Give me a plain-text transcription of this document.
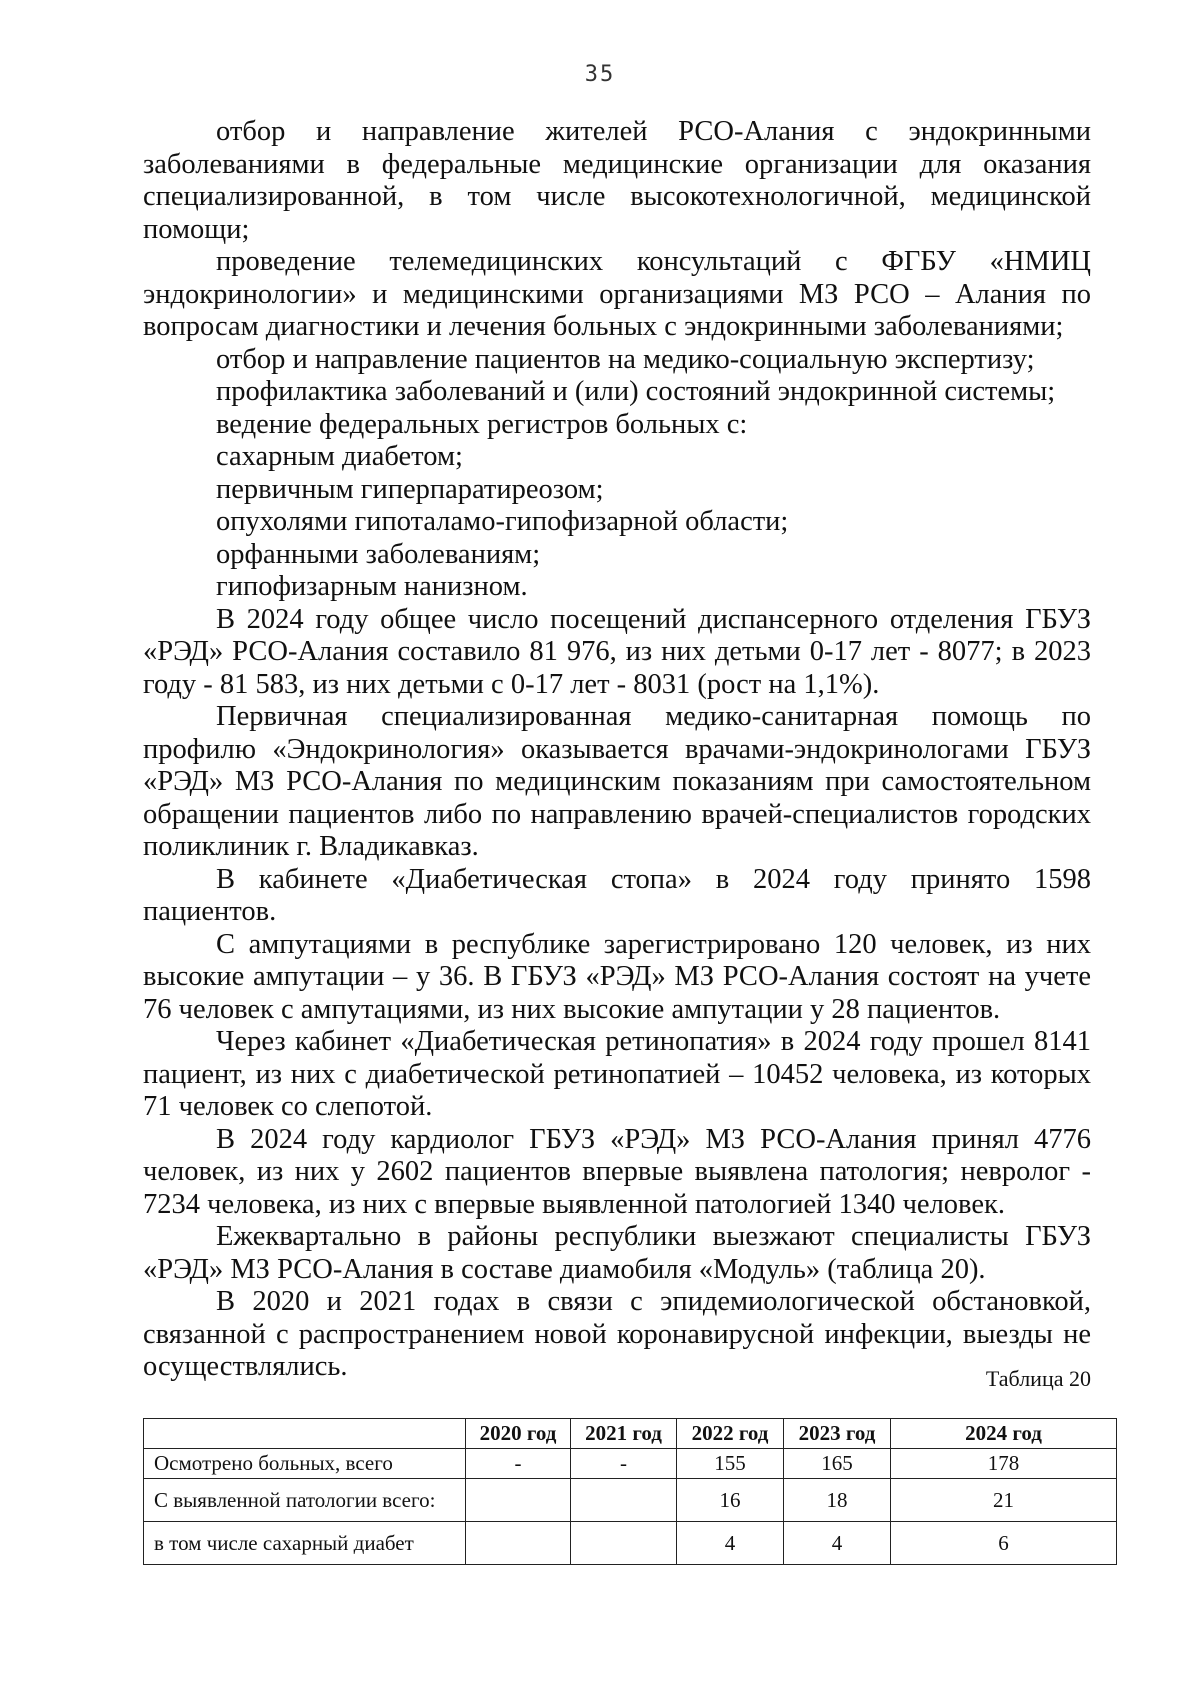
35

отбор и направление жителей РСО-Алания с эндокринными заболеваниями в федеральные медицинские организации для оказания специализированной, в том числе высокотехнологичной, медицинской помощи;

проведение телемедицинских консультаций с ФГБУ «НМИЦ эндокринологии» и медицинскими организациями МЗ РСО – Алания по вопросам диагностики и лечения больных с эндокринными заболеваниями;

отбор и направление пациентов на медико-социальную экспертизу;

профилактика заболеваний и (или) состояний эндокринной системы;

ведение федеральных регистров больных с:

сахарным диабетом;

первичным гиперпаратиреозом;

опухолями гипоталамо-гипофизарной области;

орфанными заболеваниям;

гипофизарным нанизном.

В 2024 году общее число посещений диспансерного отделения ГБУЗ «РЭД» РСО-Алания составило 81 976, из них детьми 0-17 лет - 8077; в 2023 году - 81 583, из них детьми с 0-17 лет - 8031 (рост на 1,1%).

Первичная специализированная медико-санитарная помощь по профилю «Эндокринология» оказывается врачами-эндокринологами ГБУЗ «РЭД» МЗ РСО-Алания по медицинским показаниям при самостоятельном обращении пациентов либо по направлению врачей-специалистов городских поликлиник г. Владикавказ.

В кабинете «Диабетическая стопа» в 2024 году принято 1598 пациентов.

С ампутациями в республике зарегистрировано 120 человек, из них высокие ампутации – у 36. В ГБУЗ «РЭД» МЗ РСО-Алания состоят на учете 76 человек с ампутациями, из них высокие ампутации у 28 пациентов.

Через кабинет «Диабетическая ретинопатия» в 2024 году прошел 8141 пациент, из них с диабетической ретинопатией – 10452 человека, из которых 71 человек со слепотой.

В 2024 году кардиолог ГБУЗ «РЭД» МЗ РСО-Алания принял 4776 человек, из них у 2602 пациентов впервые выявлена патология; невролог - 7234 человека, из них с впервые выявленной патологией 1340 человек.

Ежеквартально в районы республики выезжают специалисты ГБУЗ «РЭД» МЗ РСО-Алания в составе диамобиля «Модуль» (таблица 20).

В 2020 и 2021 годах в связи с эпидемиологической обстановкой, связанной с распространением новой коронавирусной инфекции, выезды не осуществлялись.	Таблица 20
	2020 год	2021 год	2022 год	2023 год	2024 год
Осмотрено больных, всего	-	-	155	165	178
С выявленной патологии всего:			16	18	21
в том числе сахарный диабет			4	4	6
